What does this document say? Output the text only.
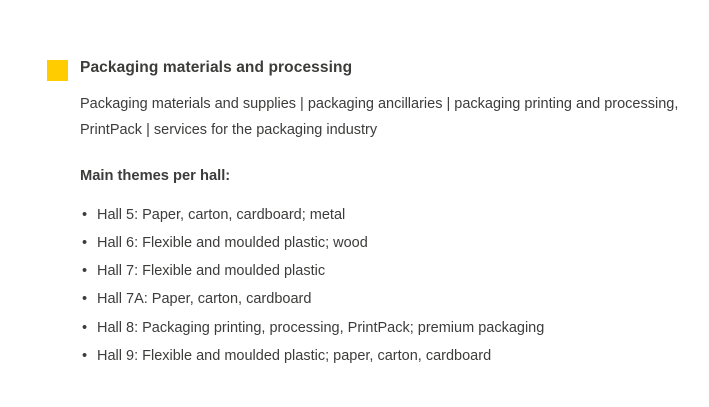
Packaging materials and processing

Packaging materials and supplies | packaging ancillaries | packaging printing and processing, PrintPack | services for the packaging industry

Main themes per hall:
• Hall 5: Paper, carton, cardboard; metal
• Hall 6: Flexible and moulded plastic; wood
• Hall 7: Flexible and moulded plastic
• Hall 7A: Paper, carton, cardboard
• Hall 8: Packaging printing, processing, PrintPack; premium packaging
• Hall 9: Flexible and moulded plastic; paper, carton, cardboard
